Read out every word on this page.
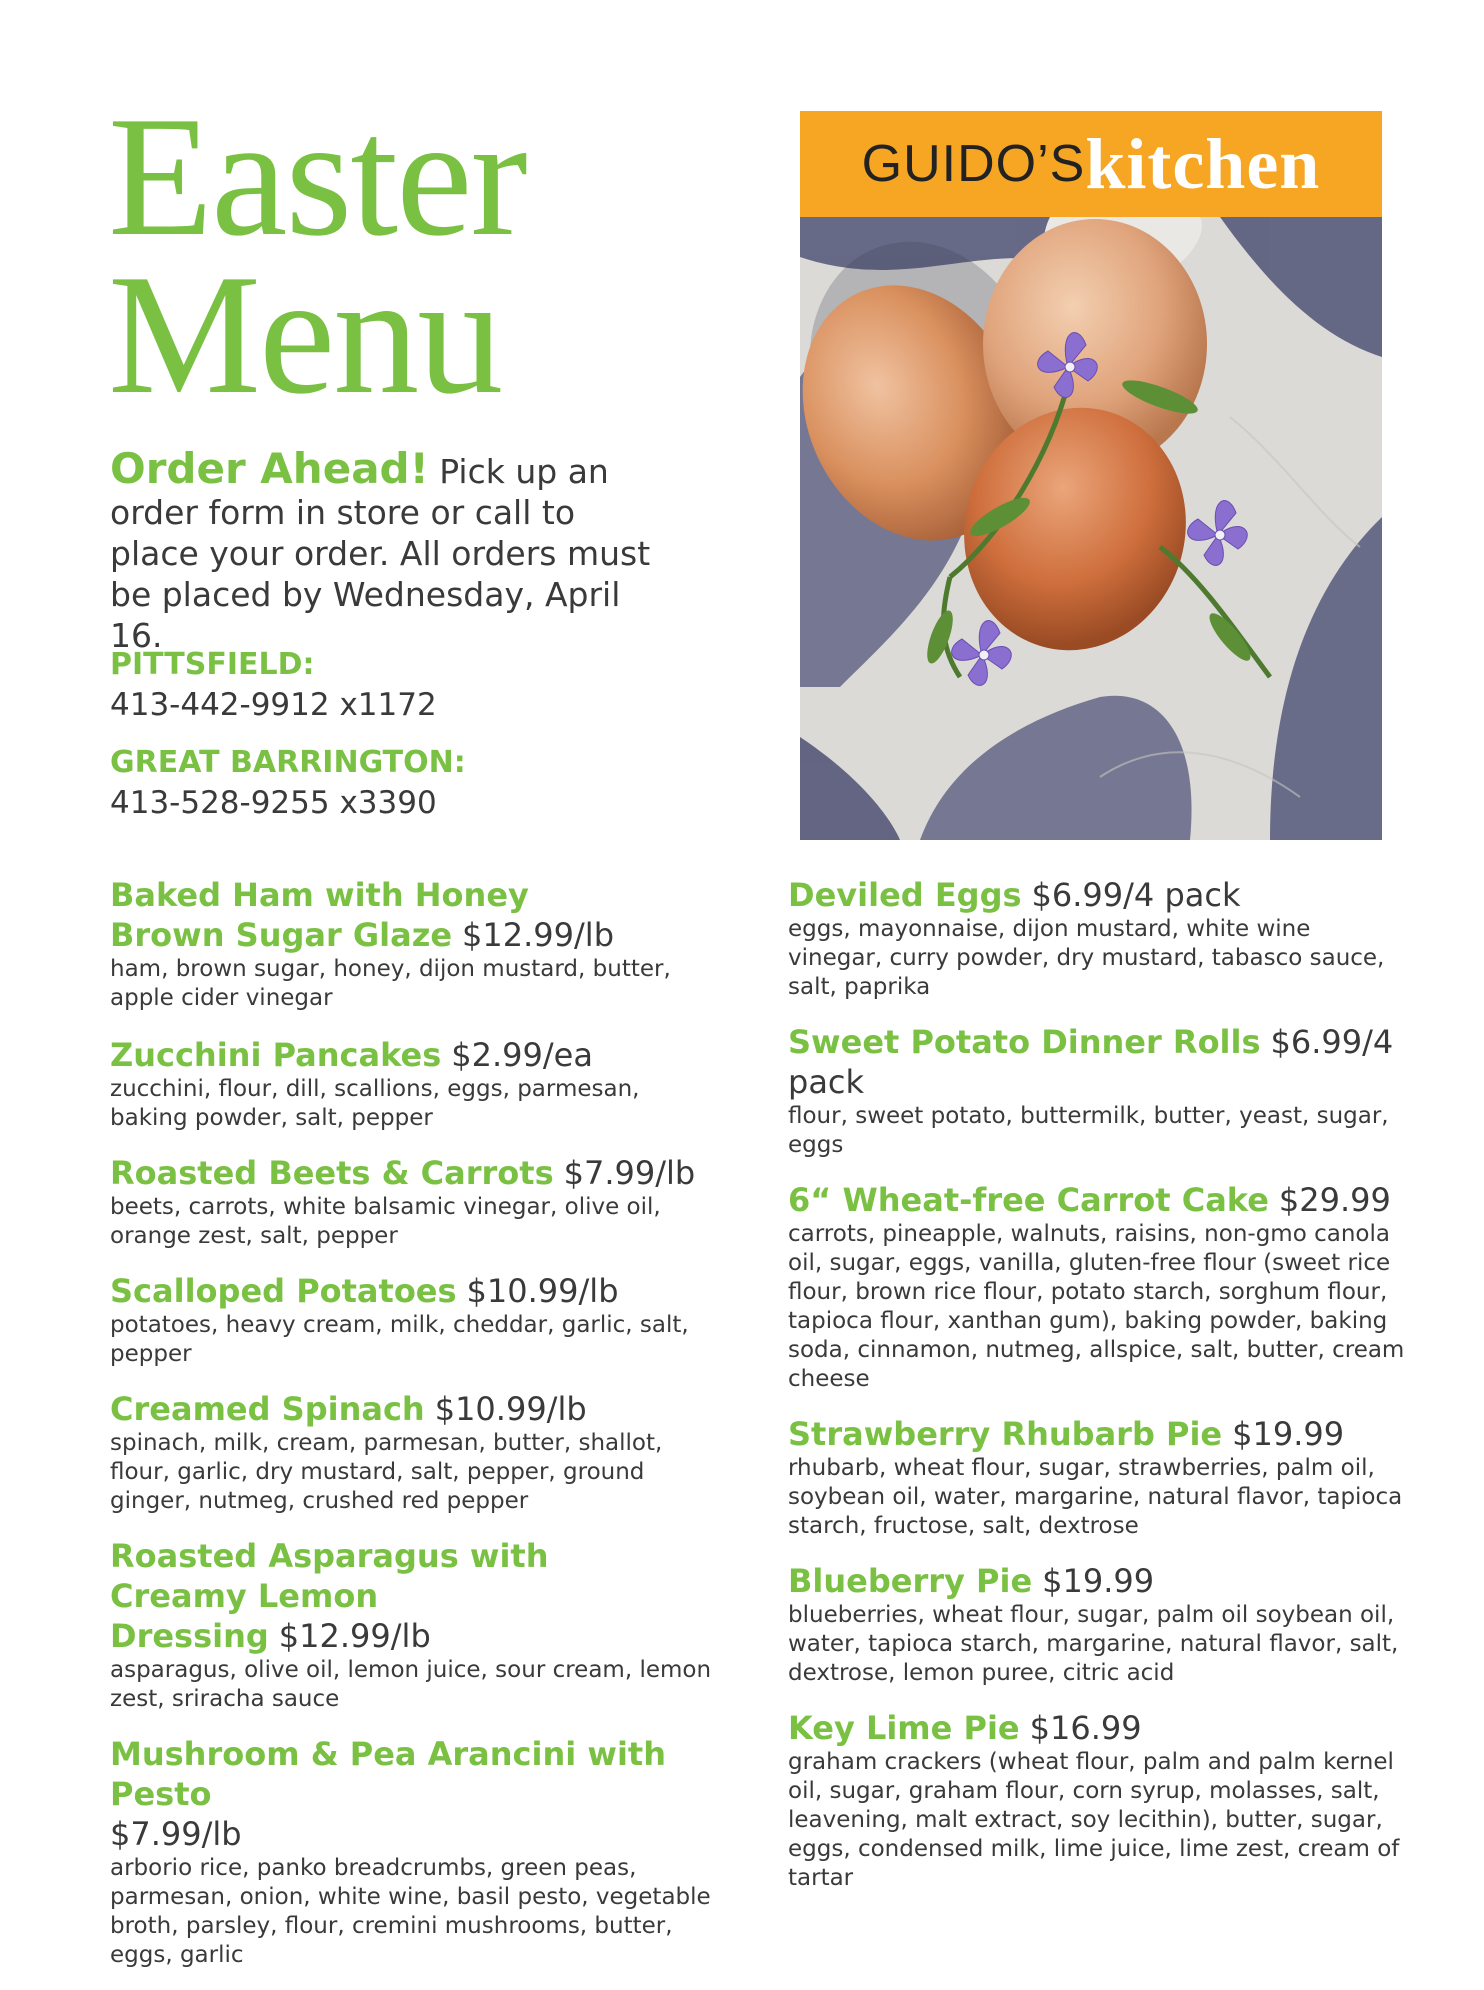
Easter
Menu
Order Ahead! Pick up an order form in store or call to place your order. All orders must be placed by Wednesday, April 16.
PITTSFIELD:
413-442-9912 x1172
GREAT BARRINGTON:
413-528-9255 x3390
GUIDO’S kitchen
Baked Ham with Honey Brown Sugar Glaze $12.99/lb
ham, brown sugar, honey, dijon mustard, butter, apple cider vinegar
Zucchini Pancakes $2.99/ea
zucchini, flour, dill, scallions, eggs, parmesan, baking powder, salt, pepper
Roasted Beets & Carrots $7.99/lb
beets, carrots, white balsamic vinegar, olive oil, orange zest, salt, pepper
Scalloped Potatoes $10.99/lb
potatoes, heavy cream, milk, cheddar, garlic, salt, pepper
Creamed Spinach $10.99/lb
spinach, milk, cream, parmesan, butter, shallot, flour, garlic, dry mustard, salt, pepper, ground ginger, nutmeg, crushed red pepper
Roasted Asparagus with Creamy Lemon Dressing $12.99/lb
asparagus, olive oil, lemon juice, sour cream, lemon zest, sriracha sauce
Mushroom & Pea Arancini with Pesto
$7.99/lb
arborio rice, panko breadcrumbs, green peas, parmesan, onion, white wine, basil pesto, vegetable broth, parsley, flour, cremini mushrooms, butter, eggs, garlic
Deviled Eggs $6.99/4 pack
eggs, mayonnaise, dijon mustard, white wine vinegar, curry powder, dry mustard, tabasco sauce, salt, paprika
Sweet Potato Dinner Rolls $6.99/4 pack
flour, sweet potato, buttermilk, butter, yeast, sugar, eggs
6“ Wheat-free Carrot Cake $29.99
carrots, pineapple, walnuts, raisins, non-gmo canola oil, sugar, eggs, vanilla, gluten-free flour (sweet rice flour, brown rice flour, potato starch, sorghum flour, tapioca flour, xanthan gum), baking powder, baking soda, cinnamon, nutmeg, allspice, salt, butter, cream cheese
Strawberry Rhubarb Pie $19.99
rhubarb, wheat flour, sugar, strawberries, palm oil, soybean oil, water, margarine, natural flavor, tapioca starch, fructose, salt, dextrose
Blueberry Pie $19.99
blueberries, wheat flour, sugar, palm oil soybean oil, water, tapioca starch, margarine, natural flavor, salt, dextrose, lemon puree, citric acid
Key Lime Pie $16.99
graham crackers (wheat flour, palm and palm kernel oil, sugar, graham flour, corn syrup, molasses, salt, leavening, malt extract, soy lecithin), butter, sugar, eggs, condensed milk, lime juice, lime zest, cream of tartar
